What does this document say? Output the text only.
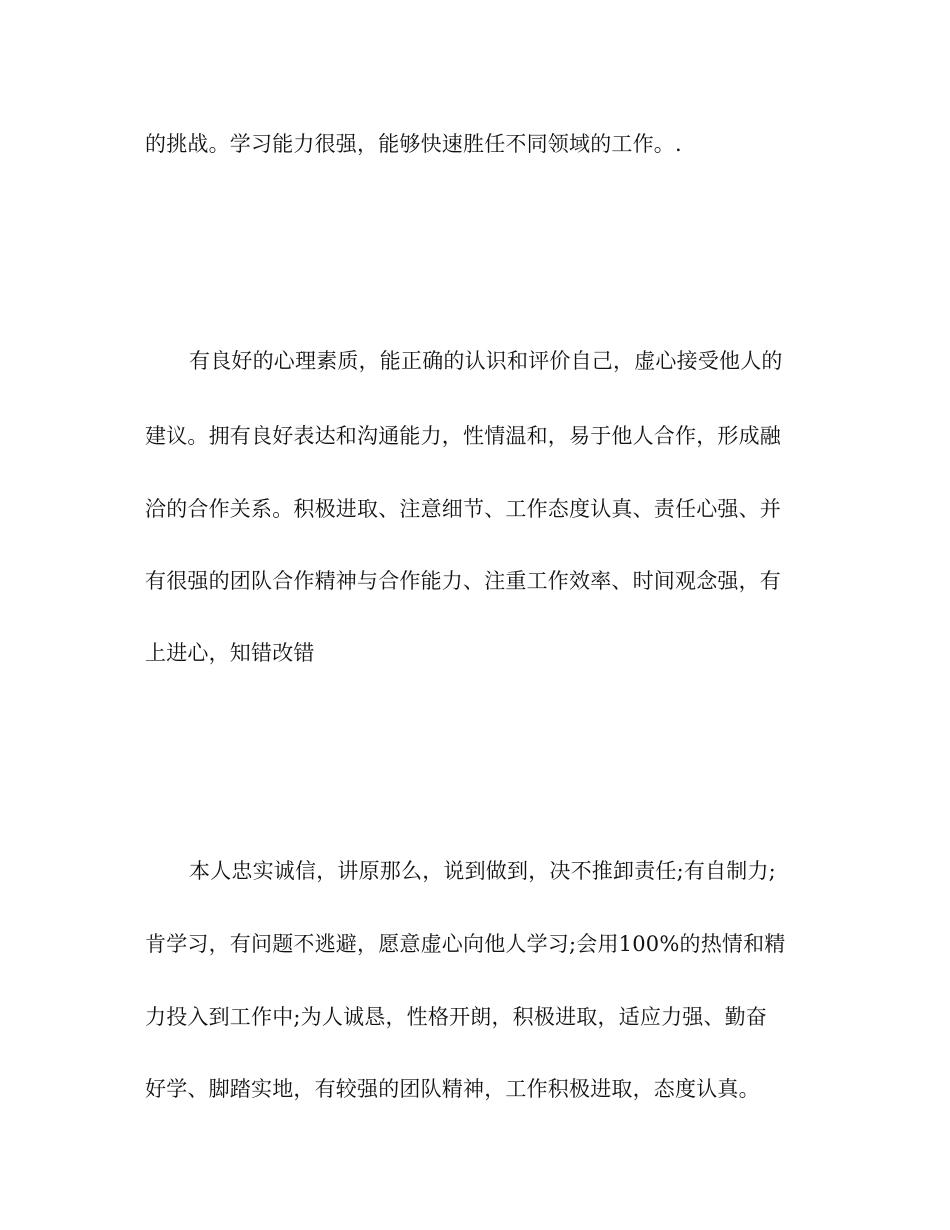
的挑战。学习能力很强，能够快速胜任不同领域的工作。.
有良好的心理素质，能正确的认识和评价自己，虚心接受他人的
建议。拥有良好表达和沟通能力，性情温和，易于他人合作，形成融
洽的合作关系。积极进取、注意细节、工作态度认真、责任心强、并
有很强的团队合作精神与合作能力、注重工作效率、时间观念强，有
上进心，知错改错
本人忠实诚信，讲原那么，说到做到，决不推卸责任;有自制力;
肯学习，有问题不逃避，愿意虚心向他人学习;会用100%的热情和精
力投入到工作中;为人诚恳，性格开朗，积极进取，适应力强、勤奋
好学、脚踏实地，有较强的团队精神，工作积极进取，态度认真。
